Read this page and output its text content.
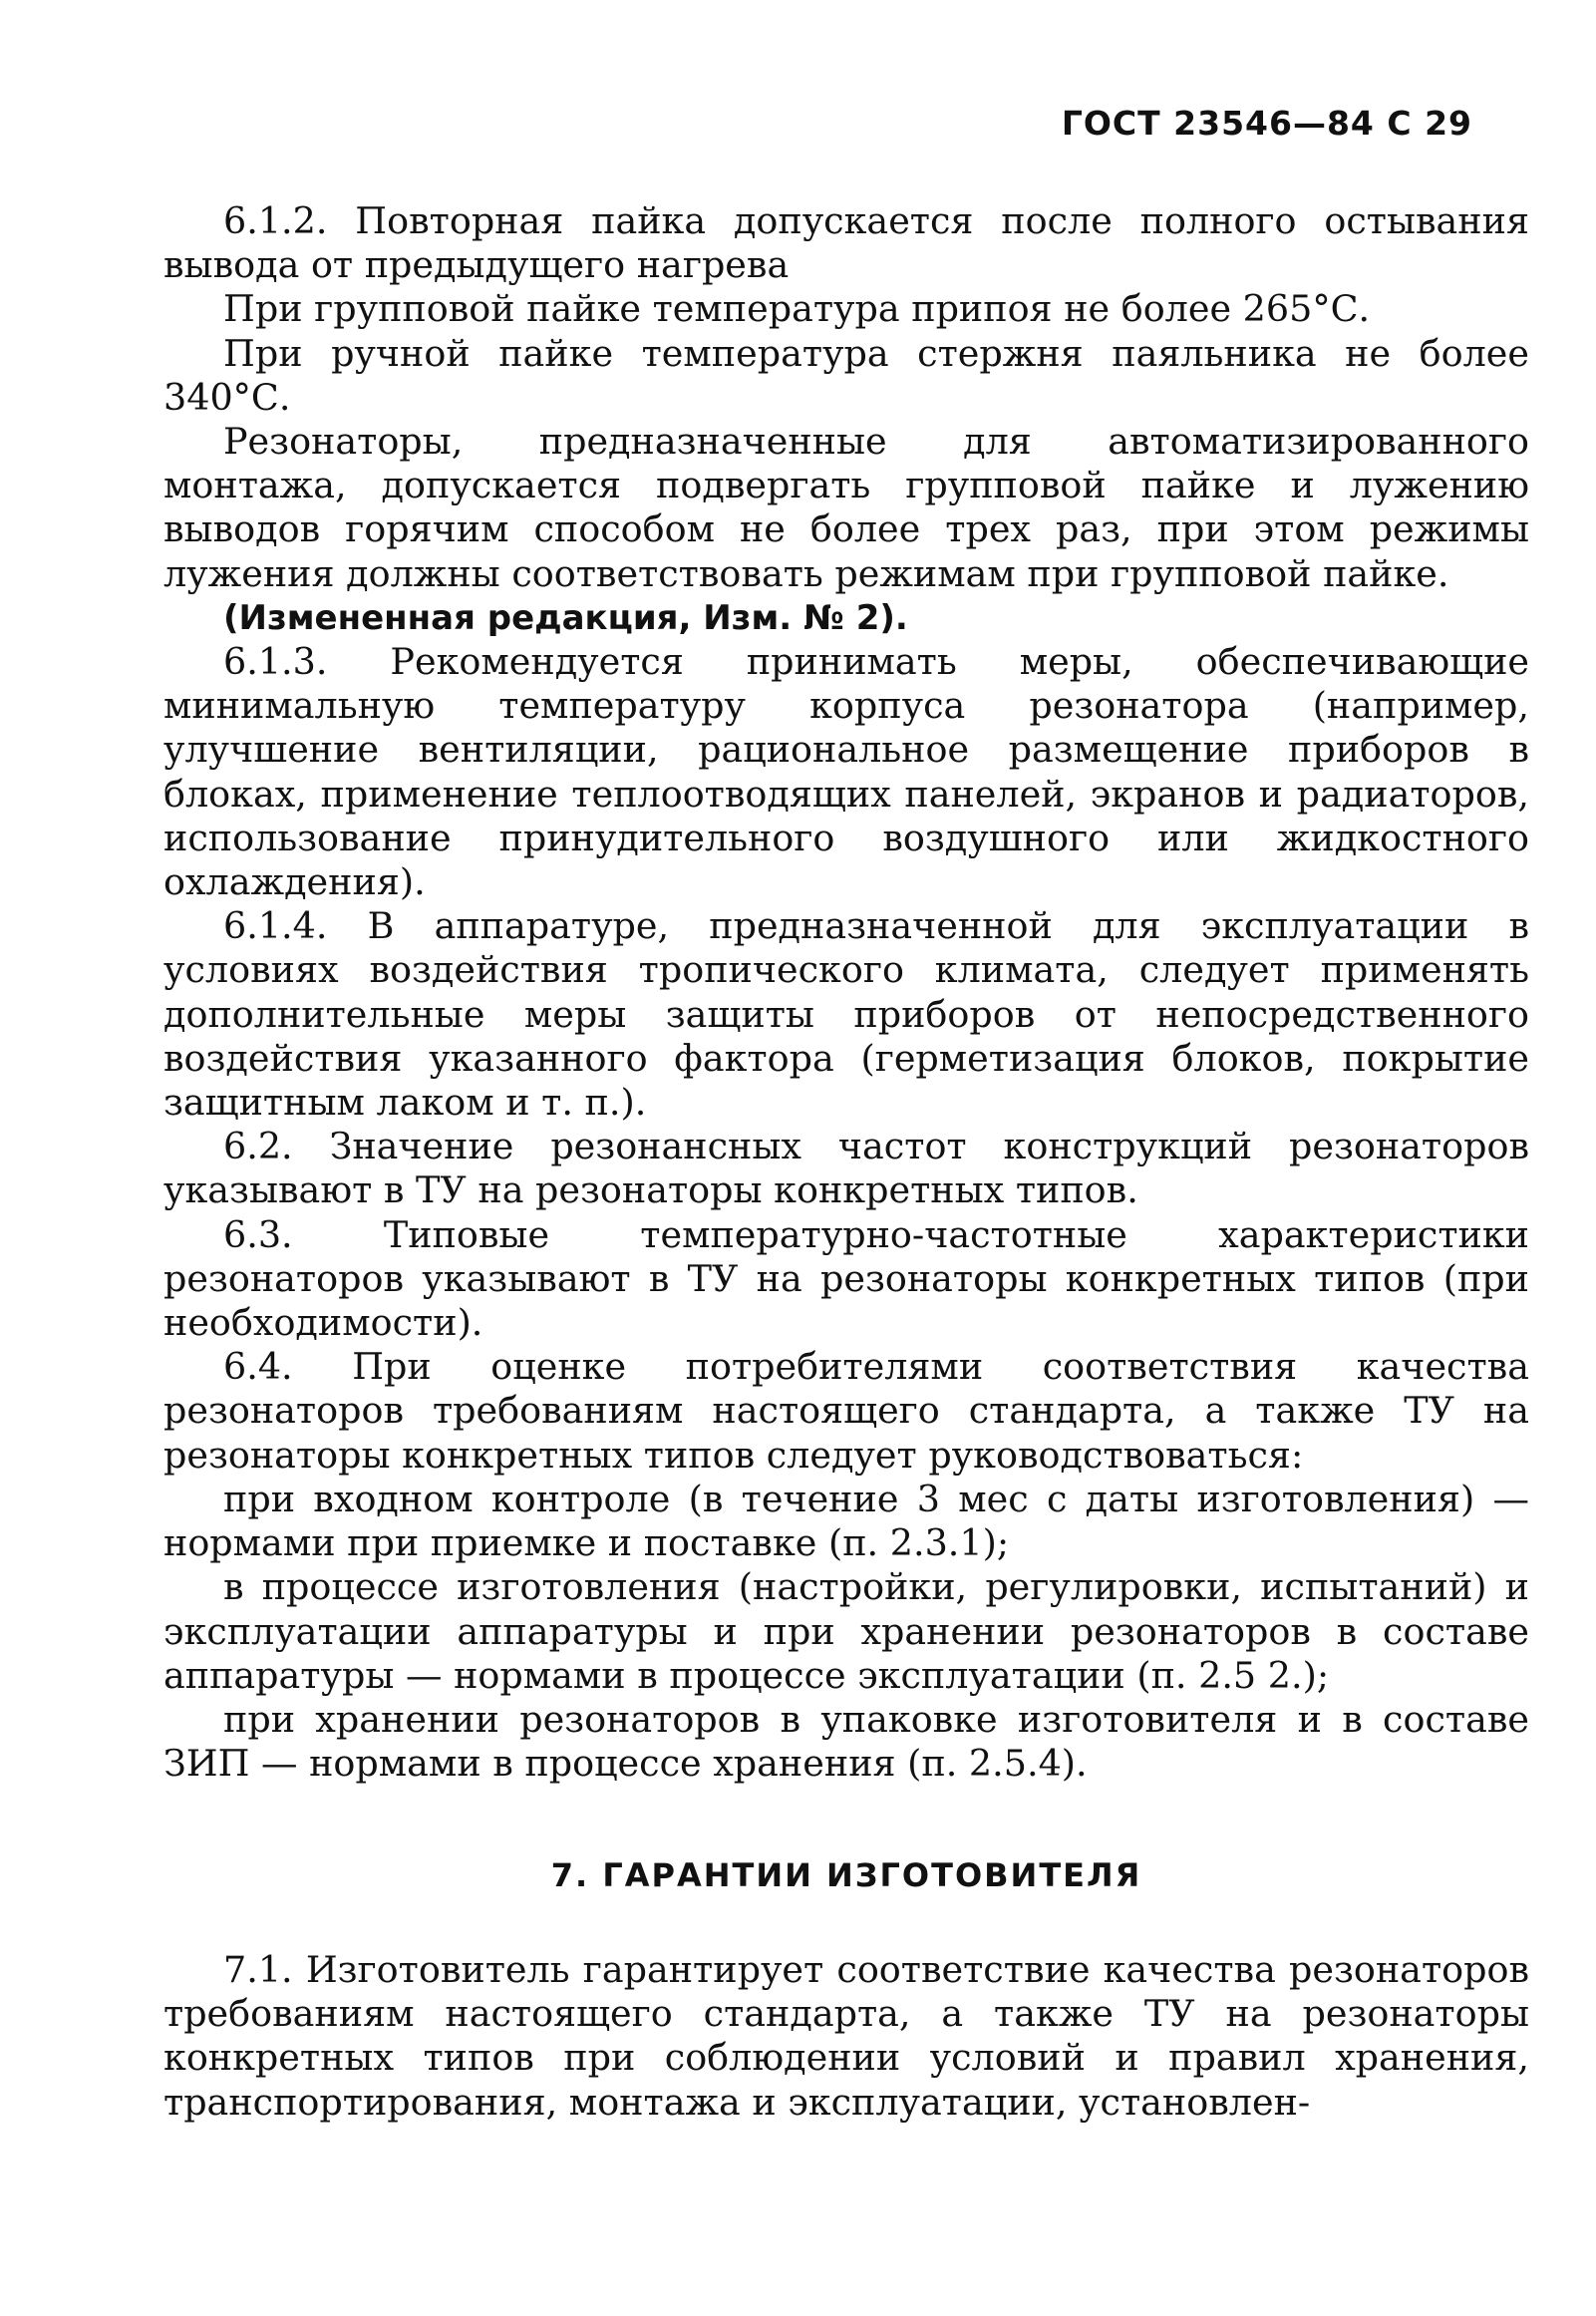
ГОСТ 23546—84 С 29

6.1.2. Повторная пайка допускается после полного остывания вывода от предыдущего нагрева

При групповой пайке температура припоя не более 265°С.

При ручной пайке температура стержня паяльника не более 340°С.

Резонаторы, предназначенные для автоматизированного монтажа, допускается подвергать групповой пайке и лужению выводов горячим способом не более трех раз, при этом режимы лужения должны соответствовать режимам при групповой пайке.

(Измененная редакция, Изм. № 2).

6.1.3. Рекомендуется принимать меры, обеспечивающие минимальную температуру корпуса резонатора (например, улучшение вентиляции, рациональное размещение приборов в блоках, применение теплоотводящих панелей, экранов и радиаторов, использование принудительного воздушного или жидкостного охлаждения).

6.1.4. В аппаратуре, предназначенной для эксплуатации в условиях воздействия тропического климата, следует применять дополнительные меры защиты приборов от непосредственного воздействия указанного фактора (герметизация блоков, покрытие защитным лаком и т. п.).

6.2. Значение резонансных частот конструкций резонаторов указывают в ТУ на резонаторы конкретных типов.

6.3. Типовые температурно-частотные характеристики резонаторов указывают в ТУ на резонаторы конкретных типов (при необходимости).

6.4. При оценке потребителями соответствия качества резонаторов требованиям настоящего стандарта, а также ТУ на резонаторы конкретных типов следует руководствоваться:

при входном контроле (в течение 3 мес с даты изготовления) — нормами при приемке и поставке (п. 2.3.1);

в процессе изготовления (настройки, регулировки, испытаний) и эксплуатации аппаратуры и при хранении резонаторов в составе аппаратуры — нормами в процессе эксплуатации (п. 2.5 2.);

при хранении резонаторов в упаковке изготовителя и в составе ЗИП — нормами в процессе хранения (п. 2.5.4).

7. ГАРАНТИИ ИЗГОТОВИТЕЛЯ

7.1. Изготовитель гарантирует соответствие качества резонаторов требованиям настоящего стандарта, а также ТУ на резонаторы конкретных типов при соблюдении условий и правил хранения, транспортирования, монтажа и эксплуатации, установлен-
